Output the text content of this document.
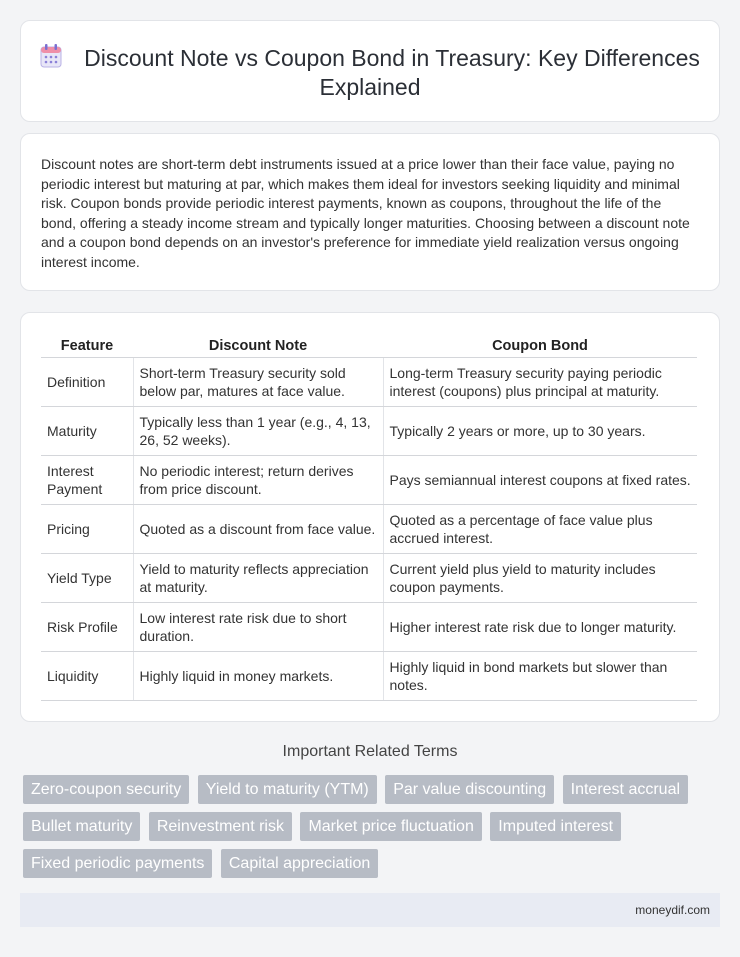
Discount Note vs Coupon Bond in Treasury: Key Differences Explained

Discount notes are short-term debt instruments issued at a price lower than their face value, paying no periodic interest but maturing at par, which makes them ideal for investors seeking liquidity and minimal risk. Coupon bonds provide periodic interest payments, known as coupons, throughout the life of the bond, offering a steady income stream and typically longer maturities. Choosing between a discount note and a coupon bond depends on an investor's preference for immediate yield realization versus ongoing interest income.

Feature	Discount Note	Coupon Bond
Definition	Short-term Treasury security sold below par, matures at face value.	Long-term Treasury security paying periodic interest (coupons) plus principal at maturity.
Maturity	Typically less than 1 year (e.g., 4, 13, 26, 52 weeks).	Typically 2 years or more, up to 30 years.
Interest Payment	No periodic interest; return derives from price discount.	Pays semiannual interest coupons at fixed rates.
Pricing	Quoted as a discount from face value.	Quoted as a percentage of face value plus accrued interest.
Yield Type	Yield to maturity reflects appreciation at maturity.	Current yield plus yield to maturity includes coupon payments.
Risk Profile	Low interest rate risk due to short duration.	Higher interest rate risk due to longer maturity.
Liquidity	Highly liquid in money markets.	Highly liquid in bond markets but slower than notes.
Important Related Terms
Zero-coupon security Yield to maturity (YTM) Par value discounting Interest accrual Bullet maturity Reinvestment risk Market price fluctuation Imputed interest Fixed periodic payments Capital appreciation
moneydif.com
